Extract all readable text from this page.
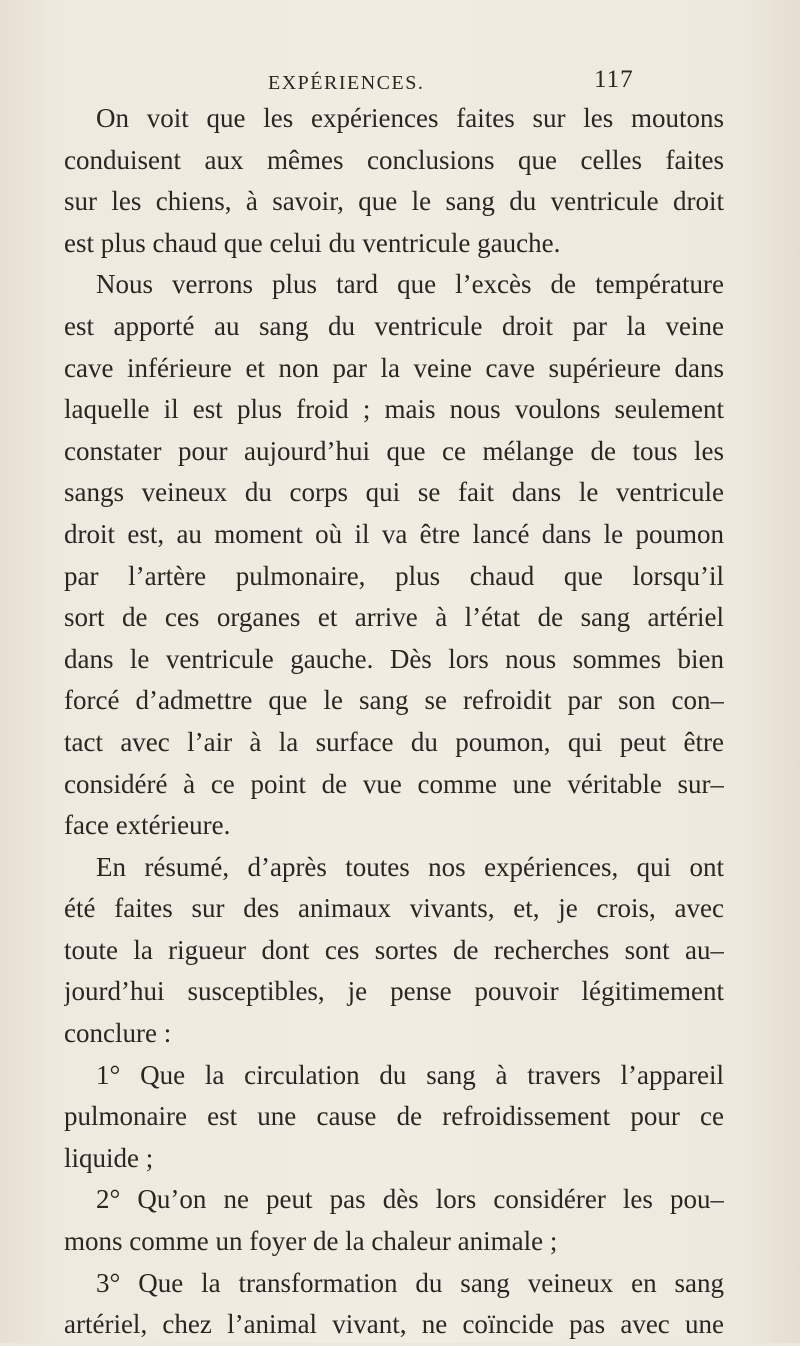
EXPÉRIENCES.	117
On voit que les expériences faites sur les moutons
conduisent aux mêmes conclusions que celles faites
sur les chiens, à savoir, que le sang du ventricule droit
est plus chaud que celui du ventricule gauche.
Nous verrons plus tard que l’excès de température
est apporté au sang du ventricule droit par la veine
cave inférieure et non par la veine cave supérieure dans
laquelle il est plus froid ; mais nous voulons seulement
constater pour aujourd’hui que ce mélange de tous les
sangs veineux du corps qui se fait dans le ventricule
droit est, au moment où il va être lancé dans le poumon
par l’artère pulmonaire, plus chaud que lorsqu’il
sort de ces organes et arrive à l’état de sang artériel
dans le ventricule gauche. Dès lors nous sommes bien
forcé d’admettre que le sang se refroidit par son con–
tact avec l’air à la surface du poumon, qui peut être
considéré à ce point de vue comme une véritable sur–
face extérieure.
En résumé, d’après toutes nos expériences, qui ont
été faites sur des animaux vivants, et, je crois, avec
toute la rigueur dont ces sortes de recherches sont au–
jourd’hui susceptibles, je pense pouvoir légitimement
conclure :
1° Que la circulation du sang à travers l’appareil
pulmonaire est une cause de refroidissement pour ce
liquide ;
2° Qu’on ne peut pas dès lors considérer les pou–
mons comme un foyer de la chaleur animale ;
3° Que la transformation du sang veineux en sang
artériel, chez l’animal vivant, ne coïncide pas avec une
